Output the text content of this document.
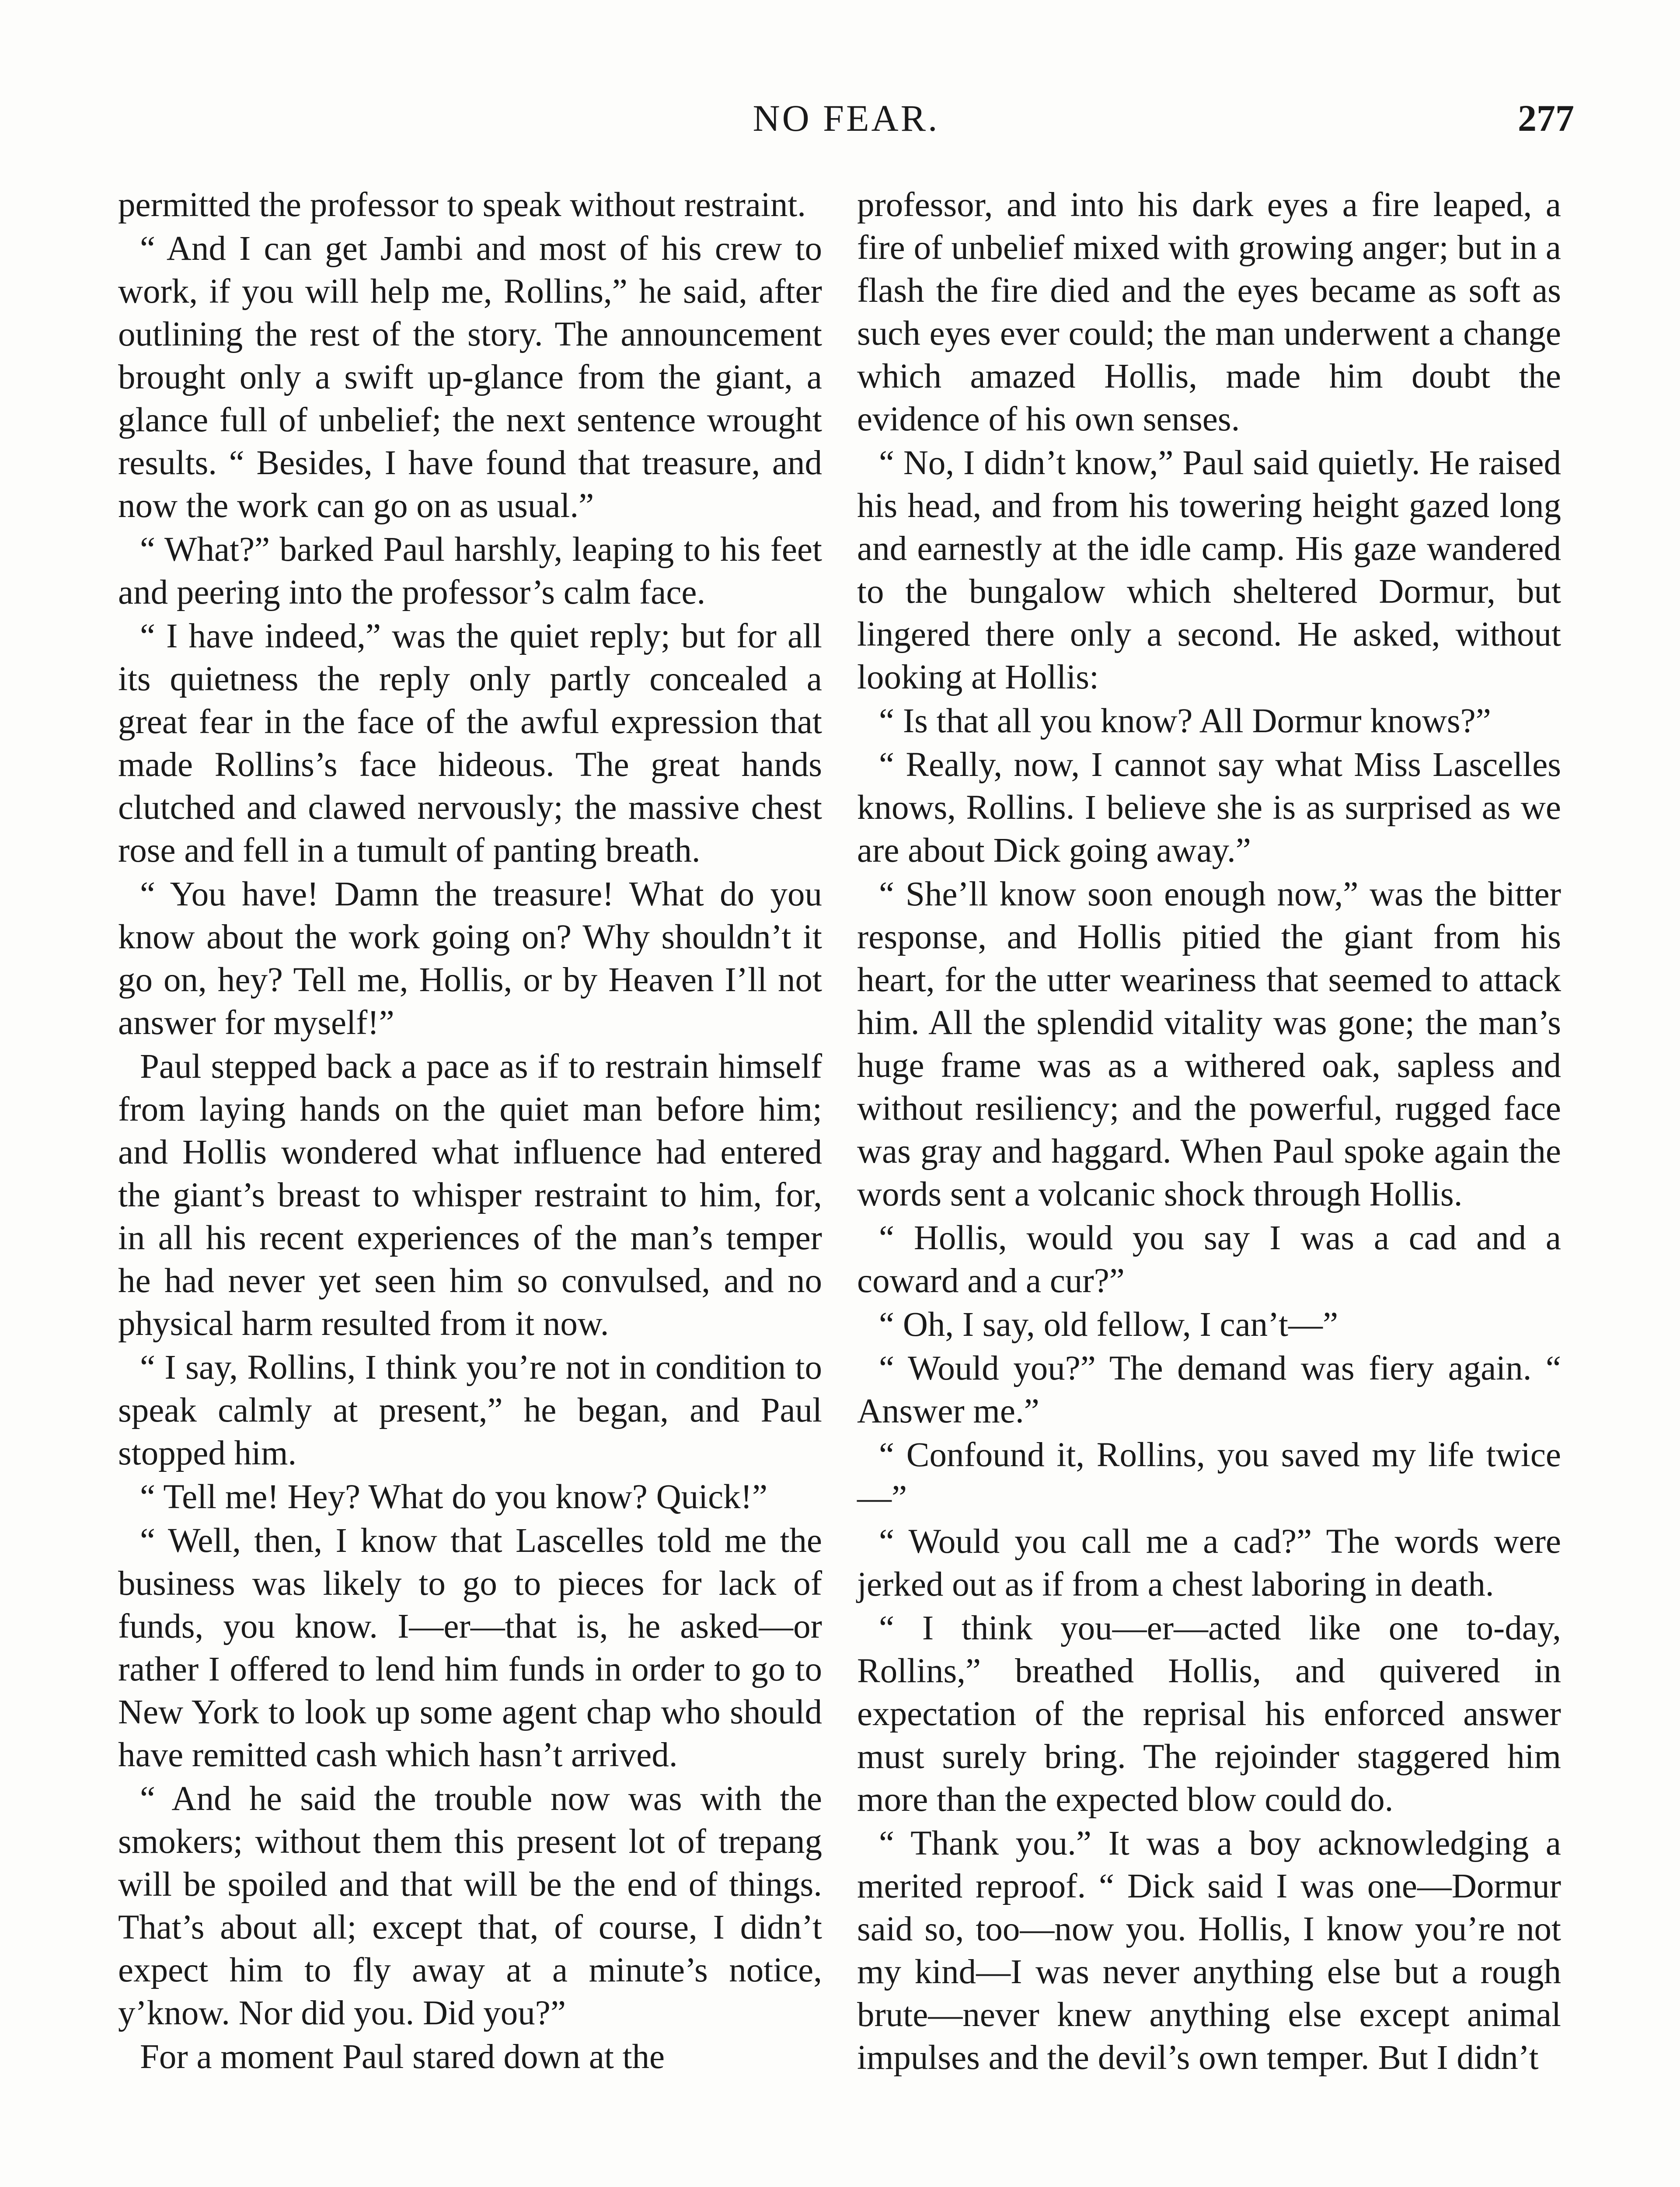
NO FEAR.	277

permitted the professor to speak without restraint.

“ And I can get Jambi and most of his crew to work, if you will help me, Rollins,” he said, after outlining the rest of the story. The announcement brought only a swift up-glance from the giant, a glance full of unbelief; the next sentence wrought results. “ Besides, I have found that treasure, and now the work can go on as usual.”

“ What?” barked Paul harshly, leaping to his feet and peering into the professor’s calm face.

“ I have indeed,” was the quiet reply; but for all its quietness the reply only partly concealed a great fear in the face of the awful expression that made Rollins’s face hideous. The great hands clutched and clawed nervously; the massive chest rose and fell in a tumult of panting breath.

“ You have! Damn the treasure! What do you know about the work going on? Why shouldn’t it go on, hey? Tell me, Hollis, or by Heaven I’ll not answer for myself!”

Paul stepped back a pace as if to restrain himself from laying hands on the quiet man before him; and Hollis wondered what influence had entered the giant’s breast to whisper restraint to him, for, in all his recent experiences of the man’s temper he had never yet seen him so convulsed, and no physical harm resulted from it now.

“ I say, Rollins, I think you’re not in condition to speak calmly at present,” he began, and Paul stopped him.

“ Tell me! Hey? What do you know? Quick!”

“ Well, then, I know that Lascelles told me the business was likely to go to pieces for lack of funds, you know. I—er—that is, he asked—or rather I offered to lend him funds in order to go to New York to look up some agent chap who should have remitted cash which hasn’t arrived.

“ And he said the trouble now was with the smokers; without them this present lot of trepang will be spoiled and that will be the end of things. That’s about all; except that, of course, I didn’t expect him to fly away at a minute’s notice, y’know. Nor did you. Did you?”

For a moment Paul stared down at the

professor, and into his dark eyes a fire leaped, a fire of unbelief mixed with growing anger; but in a flash the fire died and the eyes became as soft as such eyes ever could; the man underwent a change which amazed Hollis, made him doubt the evidence of his own senses.

“ No, I didn’t know,” Paul said quietly. He raised his head, and from his towering height gazed long and earnestly at the idle camp. His gaze wandered to the bungalow which sheltered Dormur, but lingered there only a second. He asked, without looking at Hollis:

“ Is that all you know? All Dormur knows?”

“ Really, now, I cannot say what Miss Lascelles knows, Rollins. I believe she is as surprised as we are about Dick going away.”

“ She’ll know soon enough now,” was the bitter response, and Hollis pitied the giant from his heart, for the utter weariness that seemed to attack him. All the splendid vitality was gone; the man’s huge frame was as a withered oak, sapless and without resiliency; and the powerful, rugged face was gray and haggard. When Paul spoke again the words sent a volcanic shock through Hollis.

“ Hollis, would you say I was a cad and a coward and a cur?”

“ Oh, I say, old fellow, I can’t—”

“ Would you?” The demand was fiery again. “ Answer me.”

“ Confound it, Rollins, you saved my life twice—”

“ Would you call me a cad?” The words were jerked out as if from a chest laboring in death.

“ I think you—er—acted like one to-day, Rollins,” breathed Hollis, and quivered in expectation of the reprisal his enforced answer must surely bring. The rejoinder staggered him more than the expected blow could do.

“ Thank you.” It was a boy acknowledging a merited reproof. “ Dick said I was one—Dormur said so, too—now you. Hollis, I know you’re not my kind—I was never anything else but a rough brute—never knew anything else except animal impulses and the devil’s own temper. But I didn’t
